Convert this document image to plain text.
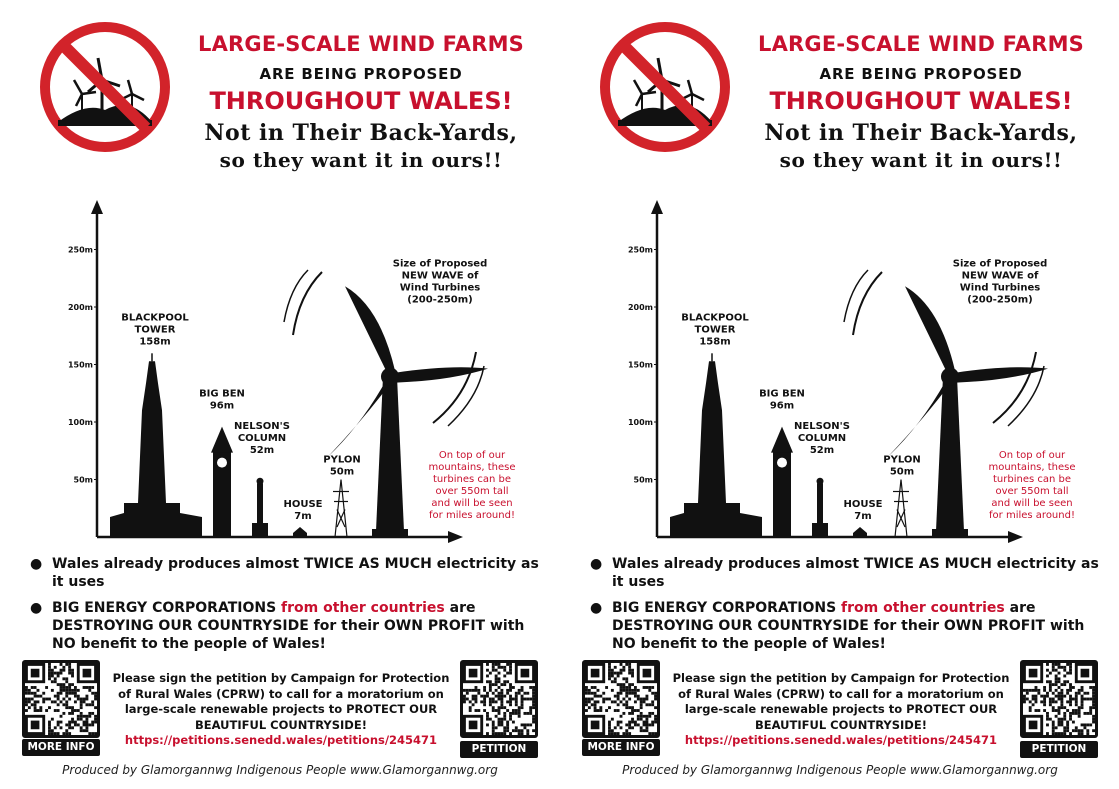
LARGE-SCALE WIND FARMS
ARE BEING PROPOSED
THROUGHOUT WALES!
Not in Their Back-Yards,
so they want it in ours!!
50m
100m
150m
200m
250m
BLACKPOOL TOWER 158m
BIG BEN 96m
NELSON'S COLUMN 52m
HOUSE 7m
PYLON 50m
Size of Proposed NEW WAVE of Wind Turbines (200-250m)
On top of our mountains, these turbines can be over 550m tall and will be seen for miles around!
● Wales already produces almost TWICE AS MUCH electricity as it uses
● BIG ENERGY CORPORATIONS from other countries are DESTROYING OUR COUNTRYSIDE for their OWN PROFIT with NO benefit to the people of Wales!
MORE INFO
Please sign the petition by Campaign for Protection of Rural Wales (CPRW) to call for a moratorium on large-scale renewable projects to PROTECT OUR BEAUTIFUL COUNTRYSIDE!
https://petitions.senedd.wales/petitions/245471
PETITION
Produced by Glamorgannwg Indigenous People www.Glamorgannwg.org
LARGE-SCALE WIND FARMS
ARE BEING PROPOSED
THROUGHOUT WALES!
Not in Their Back-Yards,
so they want it in ours!!
50m
100m
150m
200m
250m
BLACKPOOL TOWER 158m
BIG BEN 96m
NELSON'S COLUMN 52m
HOUSE 7m
PYLON 50m
Size of Proposed NEW WAVE of Wind Turbines (200-250m)
On top of our mountains, these turbines can be over 550m tall and will be seen for miles around!
● Wales already produces almost TWICE AS MUCH electricity as it uses
● BIG ENERGY CORPORATIONS from other countries are DESTROYING OUR COUNTRYSIDE for their OWN PROFIT with NO benefit to the people of Wales!
MORE INFO
Please sign the petition by Campaign for Protection of Rural Wales (CPRW) to call for a moratorium on large-scale renewable projects to PROTECT OUR BEAUTIFUL COUNTRYSIDE!
https://petitions.senedd.wales/petitions/245471
PETITION
Produced by Glamorgannwg Indigenous People www.Glamorgannwg.org
